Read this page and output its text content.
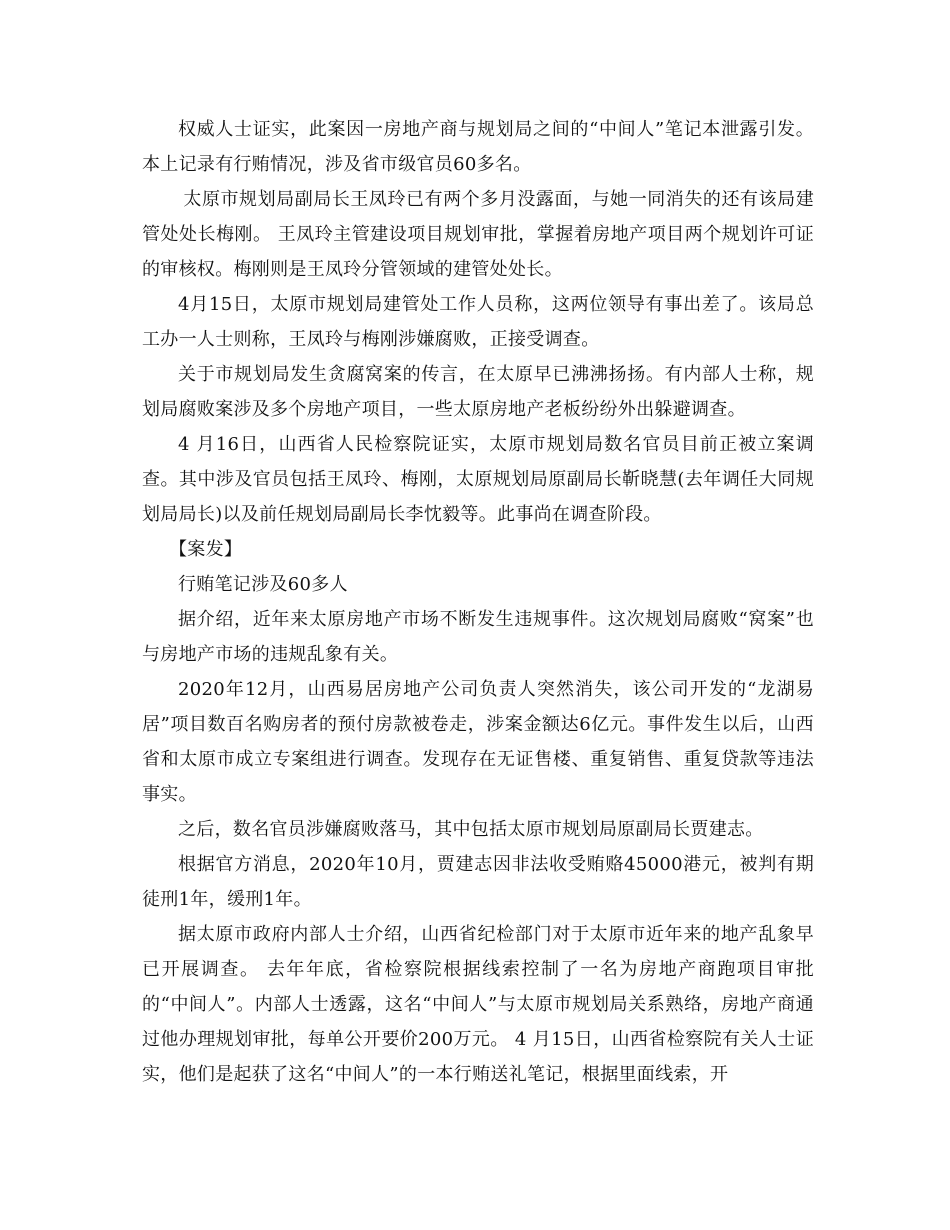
权威人士证实，此案因一房地产商与规划局之间的“中间人”笔记本泄露引发。本上记录有行贿情况，涉及省市级官员60多名。

太原市规划局副局长王凤玲已有两个多月没露面，与她一同消失的还有该局建管处处长梅刚。 王凤玲主管建设项目规划审批，掌握着房地产项目两个规划许可证的审核权。梅刚则是王凤玲分管领域的建管处处长。

4月15日，太原市规划局建管处工作人员称，这两位领导有事出差了。该局总工办一人士则称，王凤玲与梅刚涉嫌腐败，正接受调查。

关于市规划局发生贪腐窝案的传言，在太原早已沸沸扬扬。有内部人士称，规划局腐败案涉及多个房地产项目，一些太原房地产老板纷纷外出躲避调查。

4 月16日，山西省人民检察院证实，太原市规划局数名官员目前正被立案调查。其中涉及官员包括王凤玲、梅刚，太原规划局原副局长靳晓慧(去年调任大同规划局局长)以及前任规划局副局长李忱毅等。此事尚在调查阶段。

【案发】

行贿笔记涉及60多人

据介绍，近年来太原房地产市场不断发生违规事件。这次规划局腐败“窝案”也与房地产市场的违规乱象有关。

2020年12月，山西易居房地产公司负责人突然消失，该公司开发的“龙湖易居”项目数百名购房者的预付房款被卷走，涉案金额达6亿元。事件发生以后，山西省和太原市成立专案组进行调查。发现存在无证售楼、重复销售、重复贷款等违法事实。

之后，数名官员涉嫌腐败落马，其中包括太原市规划局原副局长贾建志。

根据官方消息，2020年10月，贾建志因非法收受贿赂45000港元，被判有期徒刑1年，缓刑1年。

据太原市政府内部人士介绍，山西省纪检部门对于太原市近年来的地产乱象早已开展调查。 去年年底，省检察院根据线索控制了一名为房地产商跑项目审批的“中间人”。内部人士透露，这名“中间人”与太原市规划局关系熟络，房地产商通过他办理规划审批，每单公开要价200万元。 4 月15日，山西省检察院有关人士证实，他们是起获了这名“中间人”的一本行贿送礼笔记，根据里面线索，开
